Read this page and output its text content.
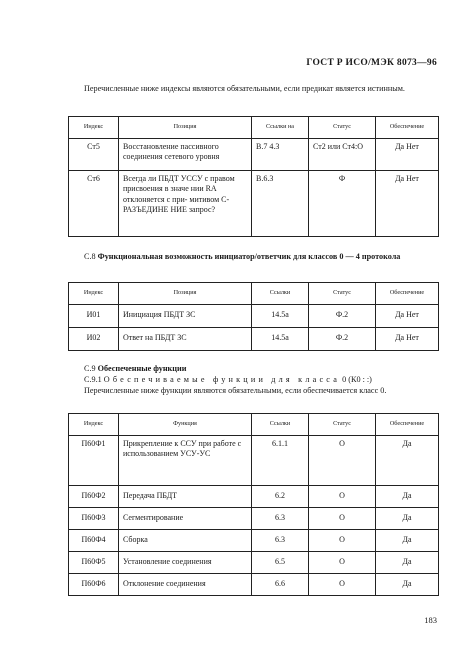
ГОСТ Р ИСО/МЭК 8073—96
Перечисленные ниже индексы являются обязательными, если предикат является истинным.
Индекс	Позиция	Ссылки на	Статус	Обеспечение
Ст5	Восстановление пассивного соединения сетевого уровня	В.7 4.3	Ст2 или Ст4:О	Да Нет
Ст6	Всегда ли ПБДТ УССУ с правом присвоения в значе нии RA отклоняется с при- митивом С-РАЗЪЕДИНЕ НИЕ запрос?	В.6.3	Ф	Да Нет
С.8 Функциональная возможность инициатор/ответчик для классов 0 — 4 протокола
Индекс	Позиция	Ссылки	Статус	Обеспечение
И01	Инициация ПБДТ ЗС	14.5а	Ф.2	Да Нет
И02	Ответ на ПБДТ ЗС	14.5а	Ф.2	Да Нет
С.9 Обеспеченные функции
С.9.1 Обеспечиваемые функции для класса 0 (К0 : :)
Перечисленные ниже функции являются обязательными, если обеспечивается класс 0.
Индекс	Функция	Ссылки	Статус	Обеспечение
П60Ф1	Прикрепление к ССУ при работе с использованием УСУ-УС	6.1.1	О	Да
П60Ф2	Передача ПБДТ	6.2	О	Да
П60Ф3	Сегментирование	6.3	О	Да
П60Ф4	Сборка	6.3	О	Да
П60Ф5	Установление соединения	6.5	О	Да
П60Ф6	Отклонение соединения	6.6	О	Да
183
